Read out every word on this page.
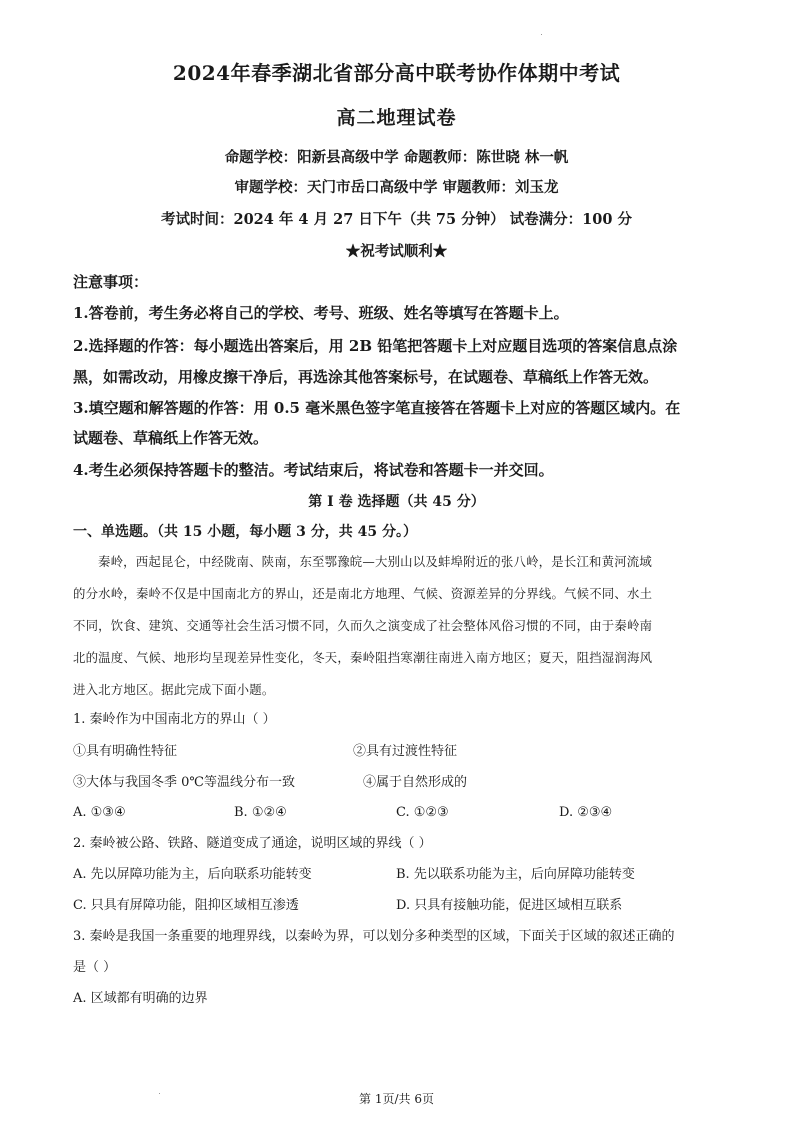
2024年春季湖北省部分高中联考协作体期中考试
高二地理试卷
命题学校：阳新县高级中学 命题教师：陈世晓 林一帆
审题学校：天门市岳口高级中学 审题教师：刘玉龙
考试时间：2024 年 4 月 27 日下午（共 75 分钟） 试卷满分：100 分
★祝考试顺利★
注意事项：
1.答卷前，考生务必将自己的学校、考号、班级、姓名等填写在答题卡上。
2.选择题的作答：每小题选出答案后，用 2B 铅笔把答题卡上对应题目选项的答案信息点涂
黑，如需改动，用橡皮擦干净后，再选涂其他答案标号，在试题卷、草稿纸上作答无效。
3.填空题和解答题的作答：用 0.5 毫米黑色签字笔直接答在答题卡上对应的答题区域内。在
试题卷、草稿纸上作答无效。
4.考生必须保持答题卡的整洁。考试结束后，将试卷和答题卡一并交回。
第 I 卷 选择题（共 45 分）
一、单选题。（共 15 小题，每小题 3 分，共 45 分。）
秦岭，西起昆仑，中经陇南、陕南，东至鄂豫皖—大别山以及蚌埠附近的张八岭，是长江和黄河流域
的分水岭，秦岭不仅是中国南北方的界山，还是南北方地理、气候、资源差异的分界线。气候不同、水土
不同，饮食、建筑、交通等社会生活习惯不同，久而久之演变成了社会整体风俗习惯的不同，由于秦岭南
北的温度、气候、地形均呈现差异性变化，冬天，秦岭阻挡寒潮往南进入南方地区；夏天，阻挡湿润海风
进入北方地区。据此完成下面小题。
1. 秦岭作为中国南北方的界山（ ）
①具有明确性特征	②具有过渡性特征
③大体与我国冬季 0℃等温线分布一致	④属于自然形成的
A. ①③④	B. ①②④	C. ①②③	D. ②③④
2. 秦岭被公路、铁路、隧道变成了通途，说明区域的界线（ ）
A. 先以屏障功能为主，后向联系功能转变	B. 先以联系功能为主，后向屏障功能转变
C. 只具有屏障功能，阻抑区域相互渗透	D. 只具有接触功能，促进区域相互联系
3. 秦岭是我国一条重要的地理界线，以秦岭为界，可以划分多种类型的区域，下面关于区域的叙述正确的
是（ ）
A. 区域都有明确的边界
第 1页/共 6页
